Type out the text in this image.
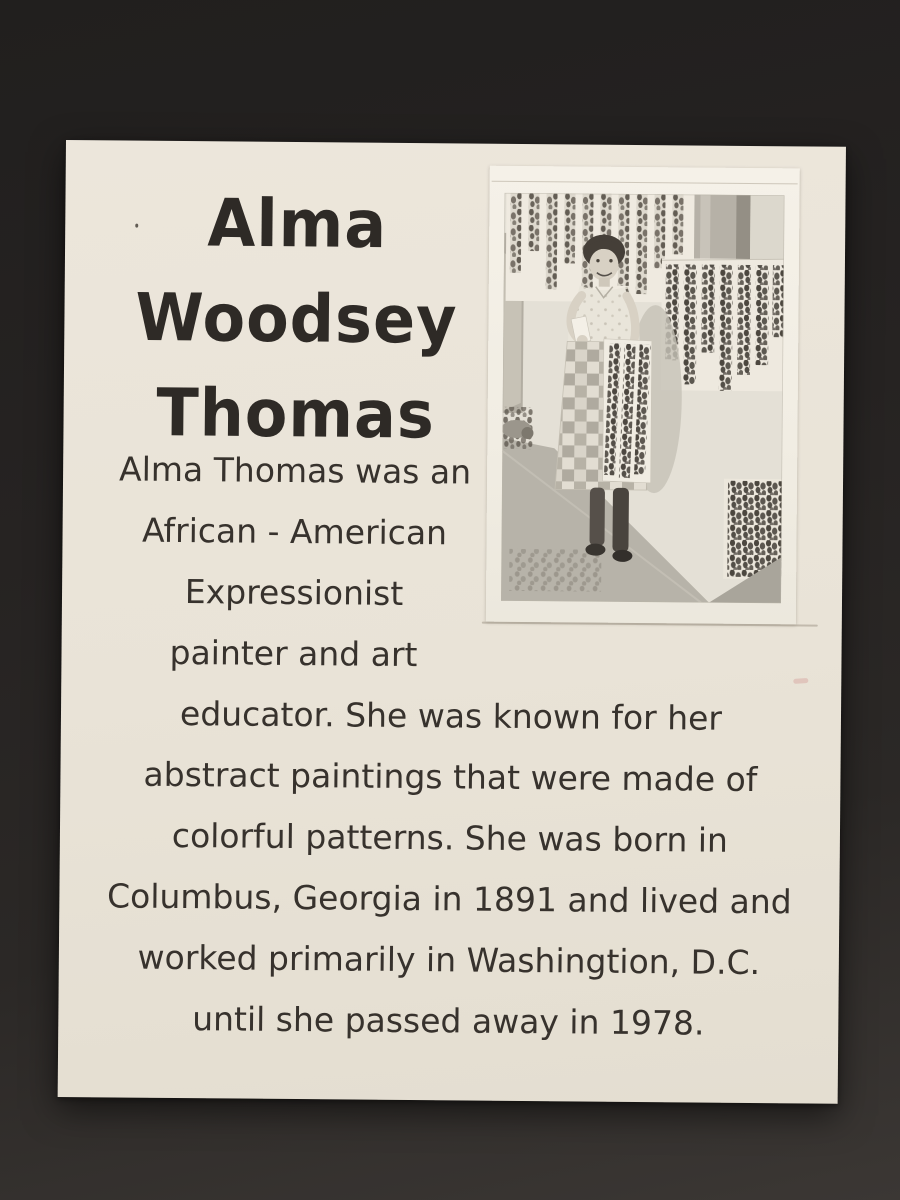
Alma
Woodsey
Thomas

Alma Thomas was an

African - American

Expressionist

painter and art

educator. She was known for her

abstract paintings that were made of

colorful patterns. She was born in

Columbus, Georgia in 1891 and lived and

worked primarily in Washingtion, D.C.

until she passed away in 1978.
